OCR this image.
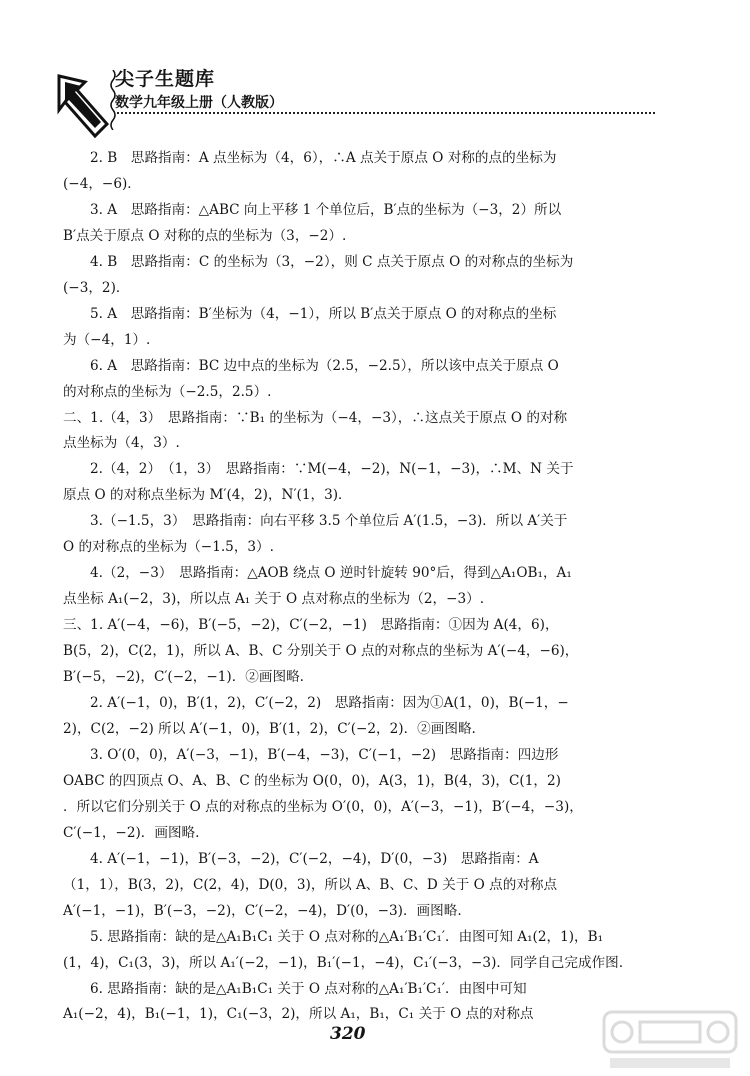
尖子生题库
数学九年级上册（人教版）

2. B　思路指南：A 点坐标为（4，6），∴A 点关于原点 O 对称的点的坐标为

(−4，−6)．

3. A　思路指南：△ABC 向上平移 1 个单位后，B′点的坐标为（−3，2）所以

B′点关于原点 O 对称的点的坐标为（3，−2）.

4. B　思路指南：C 的坐标为（3，−2），则 C 点关于原点 O 的对称点的坐标为

(−3，2)．

5. A　思路指南：B′坐标为（4，−1），所以 B′点关于原点 O 的对称点的坐标

为（−4，1）.

6. A　思路指南：BC 边中点的坐标为（2.5，−2.5），所以该中点关于原点 O

的对称点的坐标为（−2.5，2.5）.

二、1.（4，3）　思路指南：∵B₁ 的坐标为（−4，−3），∴这点关于原点 O 的对称

点坐标为（4，3）.

2.（4，2）　（1，3）　思路指南：∵M(−4，−2)，N(−1，−3)，∴M、N 关于

原点 O 的对称点坐标为 M′(4，2)，N′(1，3)．

3.（−1.5，3）　思路指南：向右平移 3.5 个单位后 A′(1.5，−3)．所以 A′关于

O 的对称点的坐标为（−1.5，3）.

4.（2，−3）　思路指南：△AOB 绕点 O 逆时针旋转 90°后，得到△A₁OB₁，A₁

点坐标 A₁(−2，3)，所以点 A₁ 关于 O 点对称点的坐标为（2，−3）.

三、1. A′(−4，−6)，B′(−5，−2)，C′(−2，−1)　思路指南：①因为 A(4，6)，

B(5，2)，C(2，1)，所以 A、B、C 分别关于 O 点的对称点的坐标为 A′(−4，−6)，

B′(−5，−2)，C′(−2，−1)．②画图略.

2. A′(−1，0)，B′(1，2)，C′(−2，2)　思路指南：因为①A(1，0)，B(−1，−

2)，C(2，−2) 所以 A′(−1，0)，B′(1，2)，C′(−2，2)．②画图略.

3. O′(0，0)，A′(−3，−1)，B′(−4，−3)，C′(−1，−2)　思路指南：四边形

OABC 的四顶点 O、A、B、C 的坐标为 O(0，0)，A(3，1)，B(4，3)，C(1，2)

．所以它们分别关于 O 点的对称点的坐标为 O′(0，0)，A′(−3，−1)，B′(−4，−3)，

C′(−1，−2)．画图略.

4. A′(−1，−1)，B′(−3，−2)，C′(−2，−4)，D′(0，−3)　思路指南：A

（1，1），B(3，2)，C(2，4)，D(0，3)，所以 A、B、C、D 关于 O 点的对称点

A′(−1，−1)，B′(−3，−2)，C′(−2，−4)，D′(0，−3)．画图略.

5. 思路指南：缺的是△A₁B₁C₁ 关于 O 点对称的△A₁′B₁′C₁′．由图可知 A₁(2，1)，B₁

(1，4)，C₁(3，3)，所以 A₁′(−2，−1)，B₁′(−1，−4)，C₁′(−3，−3)．同学自己完成作图.

6. 思路指南：缺的是△A₁B₁C₁ 关于 O 点对称的△A₁′B₁′C₁′．由图中可知

A₁(−2，4)，B₁(−1，1)，C₁(−3，2)，所以 A₁，B₁，C₁ 关于 O 点的对称点

320
